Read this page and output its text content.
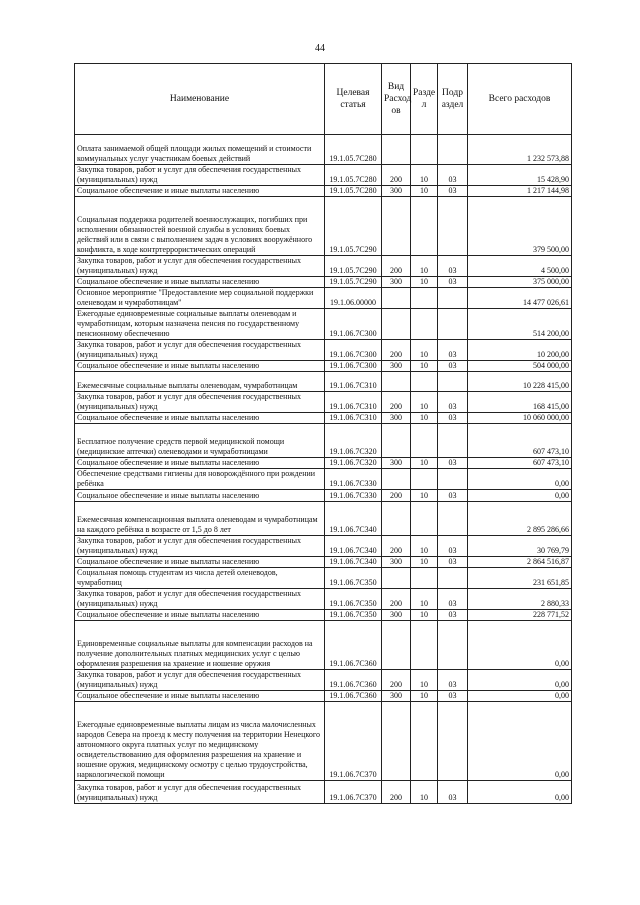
44
Наименование	Целевая статья	Вид Расход ов	Разде л	Подр аздел	Всего расходов
Оплата занимаемой общей площади жилых помещений и стоимости коммунальных услуг участникам боевых действий	19.1.05.7С280				1 232 573,88
Закупка товаров, работ и услуг для обеспечения государственных (муниципальных) нужд	19.1.05.7С280	200	10	03	15 428,90
Социальное обеспечение и иные выплаты населению	19.1.05.7С280	300	10	03	1 217 144,98
Социальная поддержка родителей военнослужащих, погибших при исполнении обязанностей военной службы в условиях боевых действий или в связи с выполнением задач в условиях вооружённого конфликта, в ходе контртеррористических операций	19.1.05.7С290				379 500,00
Закупка товаров, работ и услуг для обеспечения государственных (муниципальных) нужд	19.1.05.7С290	200	10	03	4 500,00
Социальное обеспечение и иные выплаты населению	19.1.05.7С290	300	10	03	375 000,00
Основное мероприятие "Предоставление мер социальной поддержки оленеводам и чумработницам"	19.1.06.00000				14 477 026,61
Ежегодные единовременные социальные выплаты оленеводам и чумработницам, которым назначена пенсия по государственному пенсионному обеспечению	19.1.06.7С300				514 200,00
Закупка товаров, работ и услуг для обеспечения государственных (муниципальных) нужд	19.1.06.7С300	200	10	03	10 200,00
Социальное обеспечение и иные выплаты населению	19.1.06.7С300	300	10	03	504 000,00
Ежемесячные социальные выплаты оленеводам, чумработницам	19.1.06.7С310				10 228 415,00
Закупка товаров, работ и услуг для обеспечения государственных (муниципальных) нужд	19.1.06.7С310	200	10	03	168 415,00
Социальное обеспечение и иные выплаты населению	19.1.06.7С310	300	10	03	10 060 000,00
Бесплатное получение средств первой медицинской помощи (медицинские аптечки) оленеводами и чумработницами	19.1.06.7С320				607 473,10
Социальное обеспечение и иные выплаты населению	19.1.06.7С320	300	10	03	607 473,10
Обеспечение средствами гигиены для новорождённого при рождении ребёнка	19.1.06.7С330				0,00
Социальное обеспечение и иные выплаты населению	19.1.06.7С330	200	10	03	0,00
Ежемесячная компенсационная выплата оленеводам и чумработницам на каждого ребёнка в возрасте от 1,5 до 8 лет	19.1.06.7С340				2 895 286,66
Закупка товаров, работ и услуг для обеспечения государственных (муниципальных) нужд	19.1.06.7С340	200	10	03	30 769,79
Социальное обеспечение и иные выплаты населению	19.1.06.7С340	300	10	03	2 864 516,87
Социальная помощь студентам из числа детей оленеводов, чумработниц	19.1.06.7С350				231 651,85
Закупка товаров, работ и услуг для обеспечения государственных (муниципальных) нужд	19.1.06.7С350	200	10	03	2 880,33
Социальное обеспечение и иные выплаты населению	19.1.06.7С350	300	10	03	228 771,52
Единовременные социальные выплаты для компенсации расходов на получение дополнительных платных медицинских услуг с целью оформления разрешения на хранение и ношение оружия	19.1.06.7С360				0,00
Закупка товаров, работ и услуг для обеспечения государственных (муниципальных) нужд	19.1.06.7С360	200	10	03	0,00
Социальное обеспечение и иные выплаты населению	19.1.06.7С360	300	10	03	0,00
Ежегодные единовременные выплаты лицам из числа малочисленных народов Севера на проезд к месту получения на территории Ненецкого автономного округа платных услуг по медицинскому освидетельствованию для оформления разрешения на хранение и ношение оружия, медицинскому осмотру с целью трудоустройства, наркологической помощи	19.1.06.7С370				0,00
Закупка товаров, работ и услуг для обеспечения государственных (муниципальных) нужд	19.1.06.7С370	200	10	03	0,00
